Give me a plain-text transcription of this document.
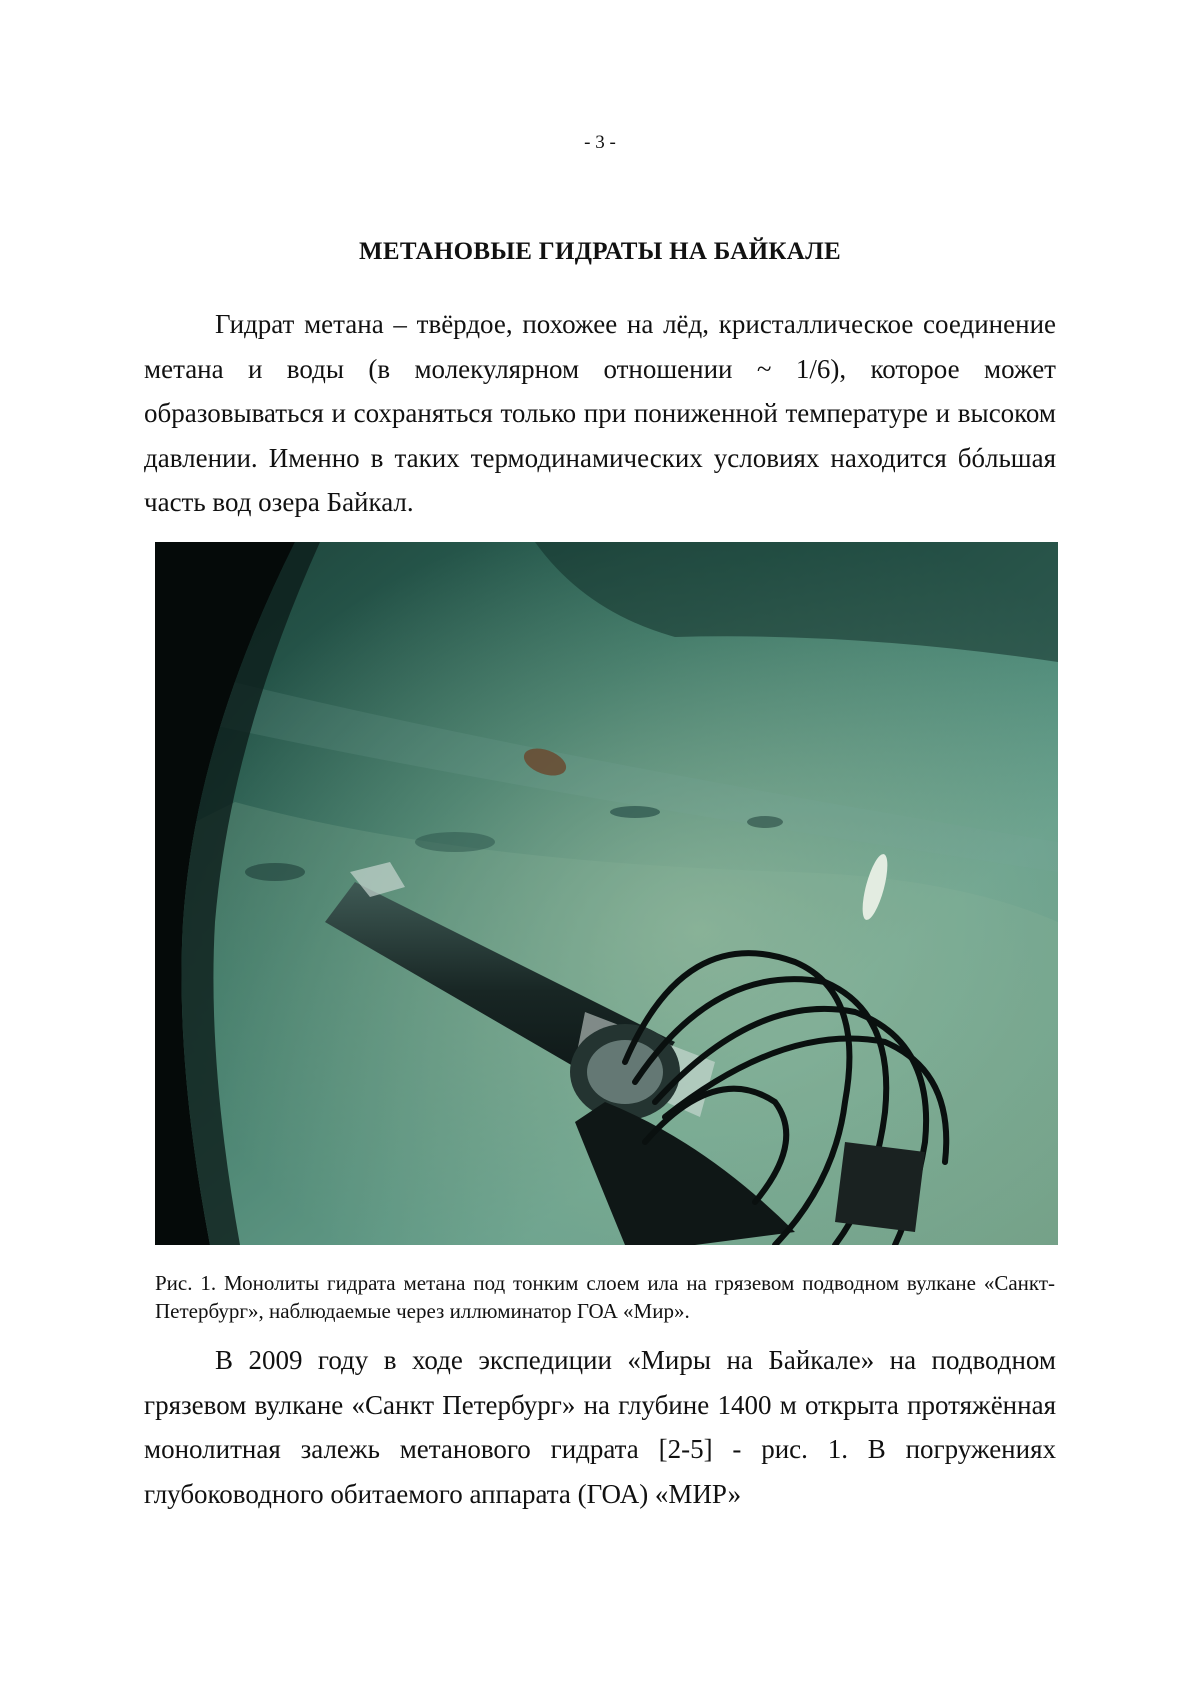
- 3 -
МЕТАНОВЫЕ ГИДРАТЫ НА БАЙКАЛЕ

Гидрат метана – твёрдое, похожее на лёд, кристаллическое соединение метана и воды (в молекулярном отношении ~ 1/6), которое может образовываться и сохраняться только при пониженной температуре и высоком давлении. Именно в таких термодинамических условиях находится бóльшая часть вод озера Байкал.

Рис. 1. Монолиты гидрата метана под тонким слоем ила на грязевом подводном вулкане «Санкт-Петербург», наблюдаемые через иллюминатор ГОА «Мир».

В 2009 году в ходе экспедиции «Миры на Байкале» на подводном грязевом вулкане «Санкт Петербург» на глубине 1400 м открыта протяжённая монолитная залежь метанового гидрата [2-5] - рис. 1. В погружениях глубоководного обитаемого аппарата (ГОА) «МИР»
